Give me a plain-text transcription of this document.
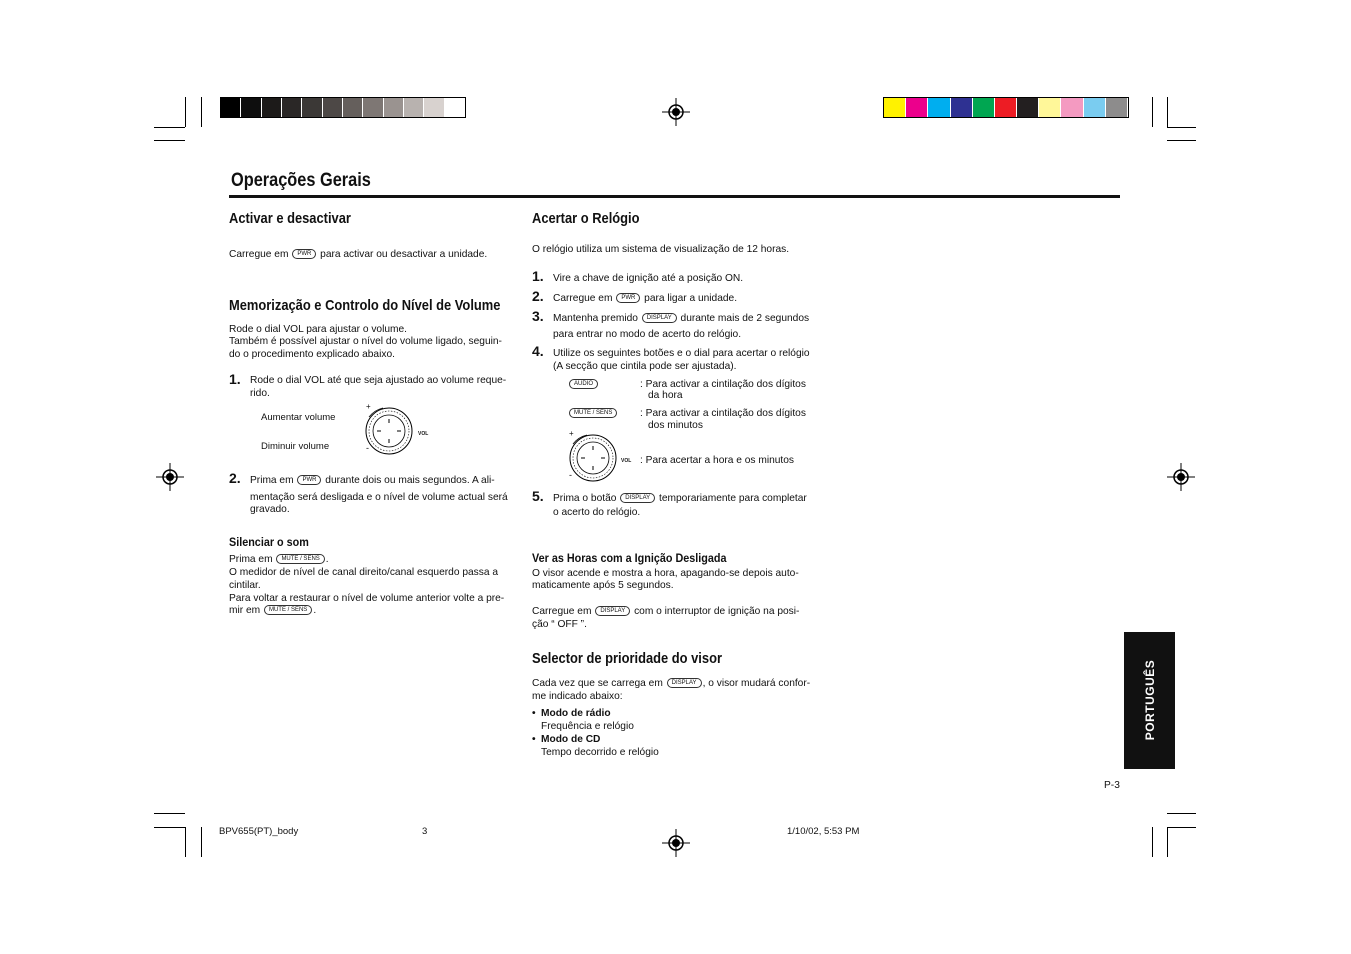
Operações Gerais
Activar e desactivar
Carregue em PWR para activar ou desactivar a unidade.
Memorização e Controlo do Nível de Volume
Rode o dial VOL para ajustar o volume.
Também é possível ajustar o nível do volume ligado, seguin-
do o procedimento explicado abaixo.
1. Rode o dial VOL até que seja ajustado ao volume reque-
rido.
Aumentar volume
Diminuir volume
+
-
VOL
2. Prima em PWR durante dois ou mais segundos. A ali-
mentação será desligada e o nível de volume actual será
gravado.
Silenciar o som
Prima em MUTE / SENS .
O medidor de nível de canal direito/canal esquerdo passa a
cintilar.
Para voltar a restaurar o nível de volume anterior volte a pre-
mir em MUTE / SENS .
Acertar o Relógio
O relógio utiliza um sistema de visualização de 12 horas.
1. Vire a chave de ignição até a posição ON.
2. Carregue em PWR para ligar a unidade.
3. Mantenha premido DISPLAY durante mais de 2 segundos
para entrar no modo de acerto do relógio.
4. Utilize os seguintes botões e o dial para acertar o relógio
(A secção que cintila pode ser ajustada).
AUDIO	: Para activar a cintilação dos dígitos
da hora
MUTE / SENS	: Para activar a cintilação dos dígitos
dos minutos
+
-
VOL : Para acertar a hora e os minutos
5. Prima o botão DISPLAY temporariamente para completar
o acerto do relógio.
Ver as Horas com a Ignição Desligada
O visor acende e mostra a hora, apagando-se depois auto-
maticamente após 5 segundos.
Carregue em DISPLAY com o interruptor de ignição na posi-
ção “ OFF ”.
Selector de prioridade do visor
Cada vez que se carrega em DISPLAY , o visor mudará confor-
me indicado abaixo:
• Modo de rádio
Frequência e relógio
• Modo de CD
Tempo decorrido e relógio
PORTUGUÊS
P-3
BPV655(PT)_body	3	1/10/02, 5:53 PM
